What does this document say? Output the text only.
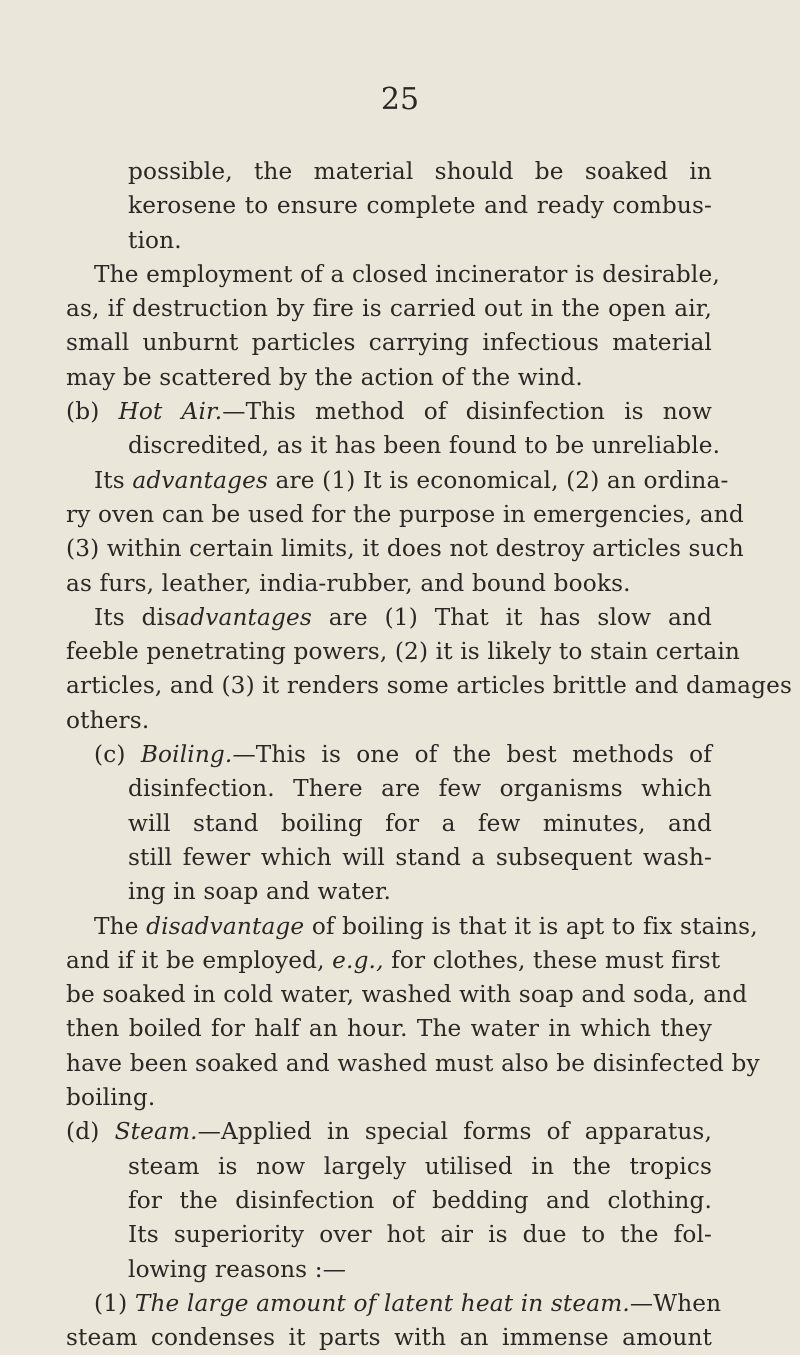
25

possible, the material should be soaked in
kerosene to ensure complete and ready combus-
tion.
The employment of a closed incinerator is desirable,
as, if destruction by fire is carried out in the open air,
small unburnt particles carrying infectious material
may be scattered by the action of the wind.
(b) Hot Air.—This method of disinfection is now
discredited, as it has been found to be unreliable.
Its advantages are (1) It is economical, (2) an ordina-
ry oven can be used for the purpose in emergencies, and
(3) within certain limits, it does not destroy articles such
as furs, leather, india-rubber, and bound books.
Its disadvantages are (1) That it has slow and
feeble penetrating powers, (2) it is likely to stain certain
articles, and (3) it renders some articles brittle and damages
others.
(c) Boiling.—This is one of the best methods of
disinfection. There are few organisms which
will stand boiling for a few minutes, and
still fewer which will stand a subsequent wash-
ing in soap and water.
The disadvantage of boiling is that it is apt to fix stains,
and if it be employed, e.g., for clothes, these must first
be soaked in cold water, washed with soap and soda, and
then boiled for half an hour. The water in which they
have been soaked and washed must also be disinfected by
boiling.
(d) Steam.—Applied in special forms of apparatus,
steam is now largely utilised in the tropics
for the disinfection of bedding and clothing.
Its superiority over hot air is due to the fol-
lowing reasons :—
(1) The large amount of latent heat in steam.—When
steam condenses it parts with an immense amount
